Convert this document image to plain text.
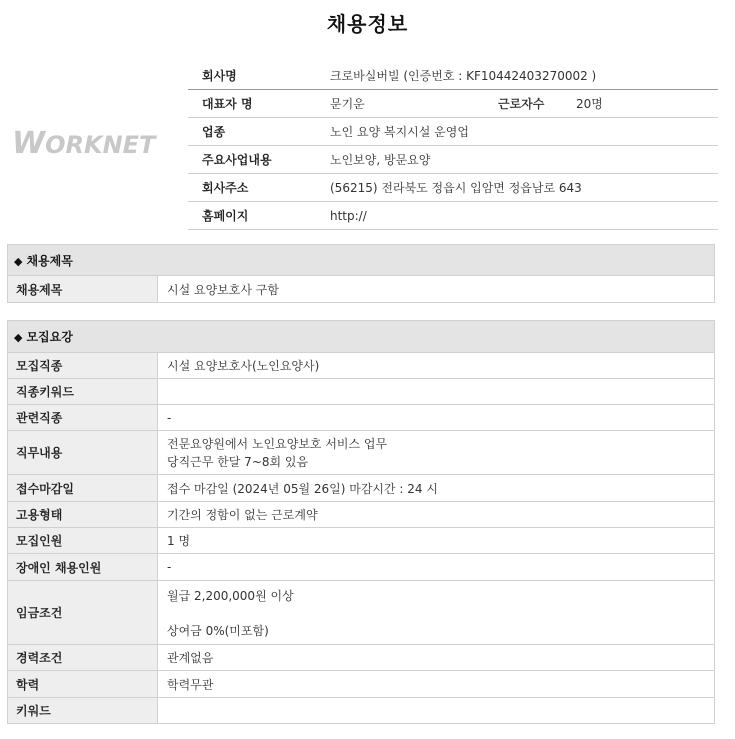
채용정보
WORKNET
회사명	크로바실버빌 (인증번호 : KF10442403270002 )
대표자 명	문기운 근로자수 20명
업종	노인 요양 복지시설 운영업
주요사업내용	노인보양, 방문요양
회사주소	(56215) 전라북도 정읍시 입암면 정읍남로 643
홈페이지	http://
◆ 채용제목
채용제목	시설 요양보호사 구함
◆ 모집요강	
모집직종	시설 요양보호사(노인요양사)
직종키워드	
관련직종	-
직무내용	전문요양원에서 노인요양보호 서비스 업무
당직근무 한달 7~8회 있음

접수마감일	접수 마감일 (2024년 05월 26일) 마감시간 : 24 시
고용형태	기간의 정함이 없는 근로계약
모집인원	1 명
장애인 채용인원	-
임금조건	월급 2,200,000원 이상
상여금 0%(미포함)

경력조건	관계없음
학력	학력무관
키워드	
